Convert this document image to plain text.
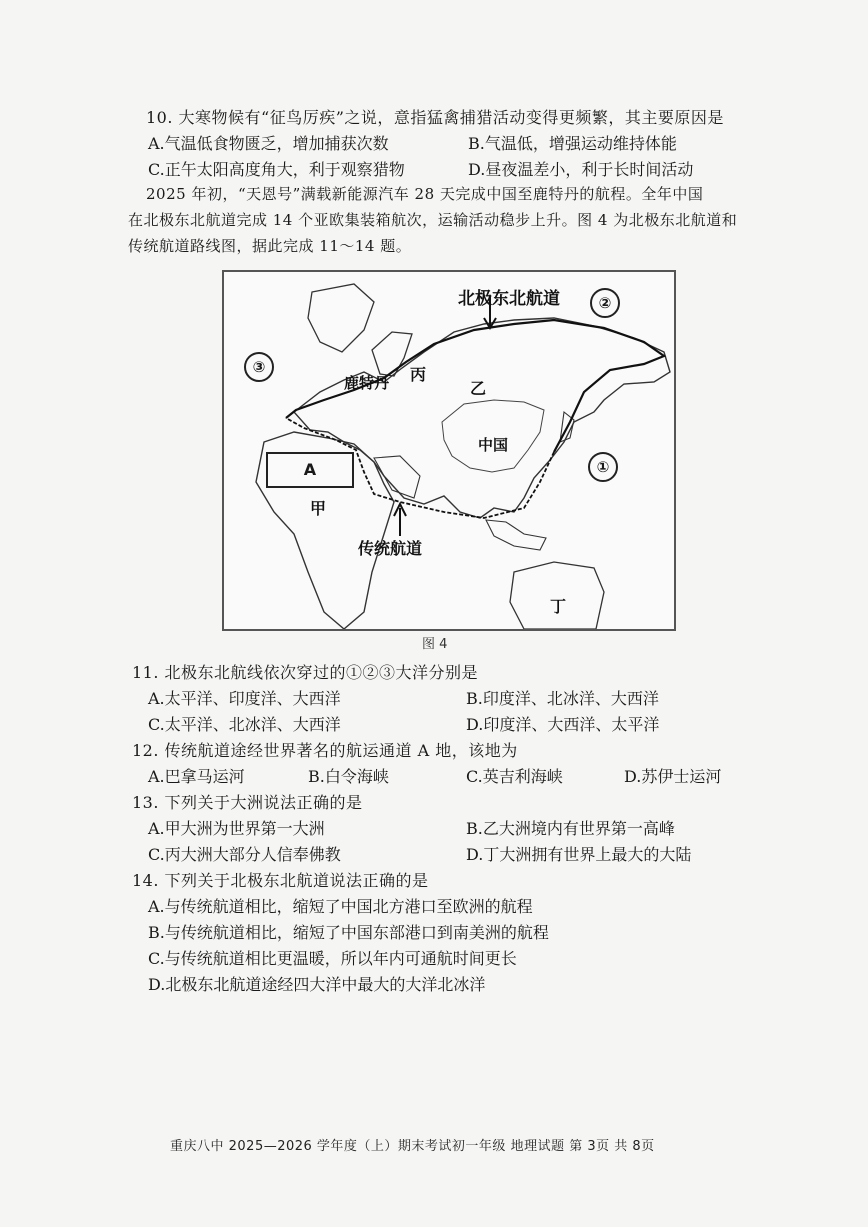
10. 大寒物候有“征鸟厉疾”之说，意指猛禽捕猎活动变得更频繁，其主要原因是
A.气温低食物匮乏，增加捕获次数	B.气温低，增强运动维持体能
C.正午太阳高度角大，利于观察猎物	D.昼夜温差小，利于长时间活动
2025 年初，“天恩号”满载新能源汽车 28 天完成中国至鹿特丹的航程。全年中国
在北极东北航道完成 14 个亚欧集装箱航次，运输活动稳步上升。图 4 为北极东北航道和
传统航道路线图，据此完成 11～14 题。
北极东北航道	②
③
①
鹿特丹 丙
乙
中国
A
甲
传统航道
丁
图 4
11. 北极东北航线依次穿过的①②③大洋分别是
A.太平洋、印度洋、大西洋	B.印度洋、北冰洋、大西洋
C.太平洋、北冰洋、大西洋	D.印度洋、大西洋、太平洋
12. 传统航道途经世界著名的航运通道 A 地，该地为
A.巴拿马运河	B.白令海峡	C.英吉利海峡	D.苏伊士运河
13. 下列关于大洲说法正确的是
A.甲大洲为世界第一大洲	B.乙大洲境内有世界第一高峰
C.丙大洲大部分人信奉佛教	D.丁大洲拥有世界上最大的大陆
14. 下列关于北极东北航道说法正确的是
A.与传统航道相比，缩短了中国北方港口至欧洲的航程
B.与传统航道相比，缩短了中国东部港口到南美洲的航程
C.与传统航道相比更温暖，所以年内可通航时间更长
D.北极东北航道途经四大洋中最大的大洋北冰洋
重庆八中 2025—2026 学年度（上）期末考试初一年级 地理试题 第 3页 共 8页
